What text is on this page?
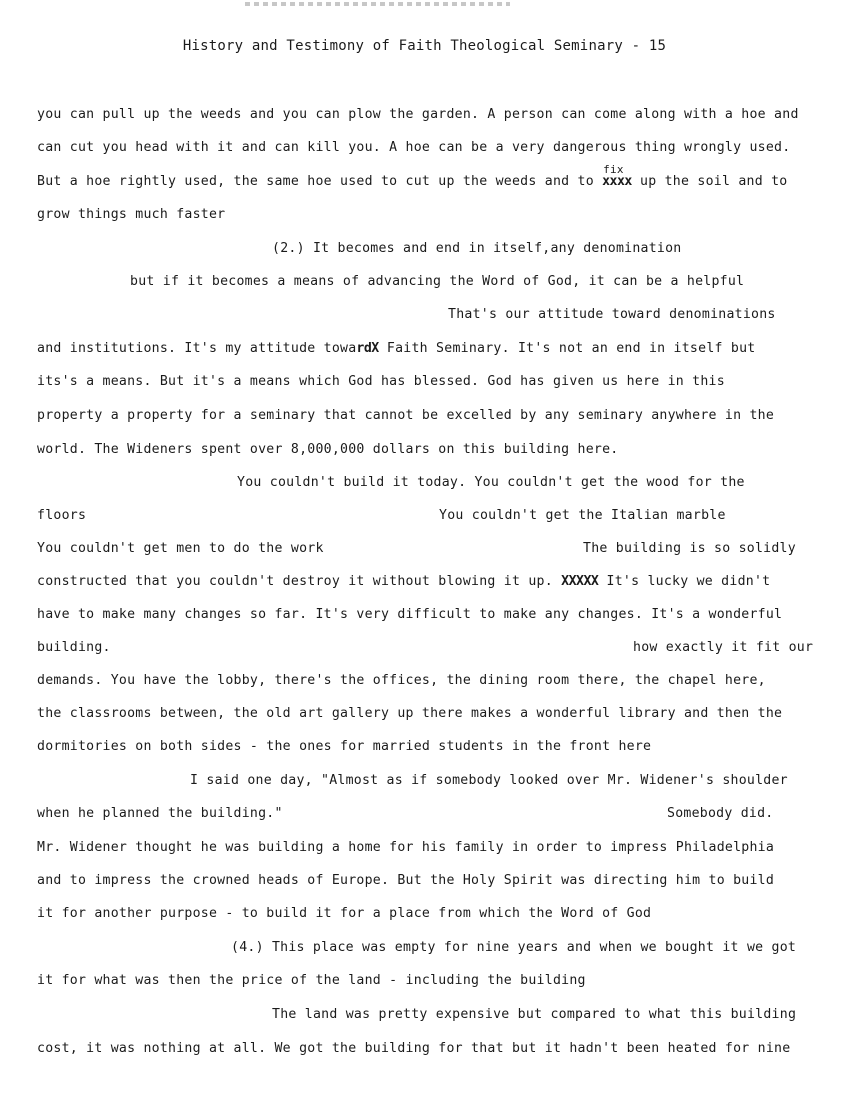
History and Testimony of Faith Theological Seminary - 15
you can pull up the weeds and you can plow the garden. A person can come along with a hoe and
can cut you head with it and can kill you. A hoe can be a very dangerous thing wrongly used.
But a hoe rightly used, the same hoe used to cut up the weeds and to
fix
xxxx up the soil and to
grow things much faster
(2.) It becomes and end in itself,any denomination
but if it becomes a means of advancing the Word of God, it can be a helpful
That's our attitude toward denominations
and institutions. It's my attitude towardX Faith Seminary. It's not an end in itself but
its's a means. But it's a means which God has blessed. God has given us here in this
property a property for a seminary that cannot be excelled by any seminary anywhere in the
world. The Wideners spent over 8,000,000 dollars on this building here.
You couldn't build it today. You couldn't get the wood for the
floors	You couldn't get the Italian marble
You couldn't get men to do the work	The building is so solidly
constructed that you couldn't destroy it without blowing it up. XXXXX It's lucky we didn't
have to make many changes so far. It's very difficult to make any changes. It's a wonderful
building.	how exactly it fit our
demands. You have the lobby, there's the offices, the dining room there, the chapel here,
the classrooms between, the old art gallery up there makes a wonderful library and then the
dormitories on both sides - the ones for married students in the front here
I said one day, "Almost as if somebody looked over Mr. Widener's shoulder
when he planned the building."	Somebody did.
Mr. Widener thought he was building a home for his family in order to impress Philadelphia
and to impress the crowned heads of Europe. But the Holy Spirit was directing him to build
it for another purpose - to build it for a place from which the Word of God
(4.) This place was empty for nine years and when we bought it we got
it for what was then the price of the land - including the building
The land was pretty expensive but compared to what this building
cost, it was nothing at all. We got the building for that but it hadn't been heated for nine
